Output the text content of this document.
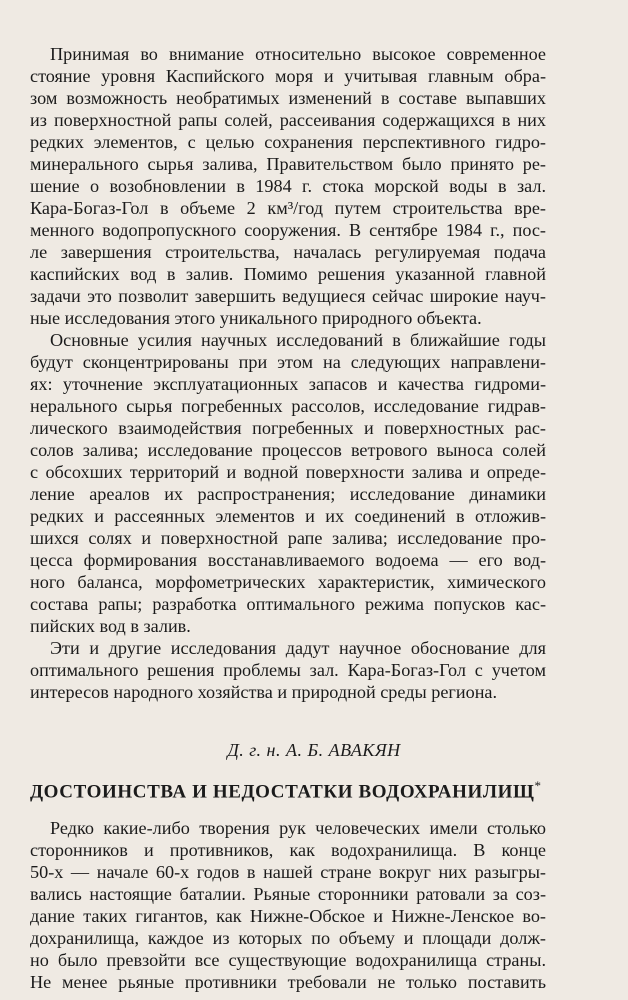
Принимая во внимание относительно высокое современное

стояние уровня Каспийского моря и учитывая главным обра-

зом возможность необратимых изменений в составе выпавших

из поверхностной рапы солей, рассеивания содержащихся в них

редких элементов, с целью сохранения перспективного гидро-

минерального сырья залива, Правительством было принято ре-

шение о возобновлении в 1984 г. стока морской воды в зал.

Кара-Богаз-Гол в объеме 2 км³/год путем строительства вре-

менного водопропускного сооружения. В сентябре 1984 г., пос-

ле завершения строительства, началась регулируемая подача

каспийских вод в залив. Помимо решения указанной главной

задачи это позволит завершить ведущиеся сейчас широкие науч-

ные исследования этого уникального природного объекта.

Основные усилия научных исследований в ближайшие годы

будут сконцентрированы при этом на следующих направлени-

ях: уточнение эксплуатационных запасов и качества гидроми-

нерального сырья погребенных рассолов, исследование гидрав-

лического взаимодействия погребенных и поверхностных рас-

солов залива; исследование процессов ветрового выноса солей

с обсохших территорий и водной поверхности залива и опреде-

ление ареалов их распространения; исследование динамики

редких и рассеянных элементов и их соединений в отложив-

шихся солях и поверхностной рапе залива; исследование про-

цесса формирования восстанавливаемого водоема — его вод-

ного баланса, морфометрических характеристик, химического

состава рапы; разработка оптимального режима попусков кас-

пийских вод в залив.

Эти и другие исследования дадут научное обоснование для

оптимального решения проблемы зал. Кара-Богаз-Гол с учетом

интересов народного хозяйства и природной среды региона.

Д. г. н. А. Б. АВАКЯН
ДОСТОИНСТВА И НЕДОСТАТКИ ВОДОХРАНИЛИЩ*

Редко какие-либо творения рук человеческих имели столько

сторонников и противников, как водохранилища. В конце

50-х — начале 60-х годов в нашей стране вокруг них разыгры-

вались настоящие баталии. Рьяные сторонники ратовали за соз-

дание таких гигантов, как Нижне-Обское и Нижне-Ленское во-

дохранилища, каждое из которых по объему и площади долж-

но было превзойти все существующие водохранилища страны.

Не менее рьяные противники требовали не только поставить
